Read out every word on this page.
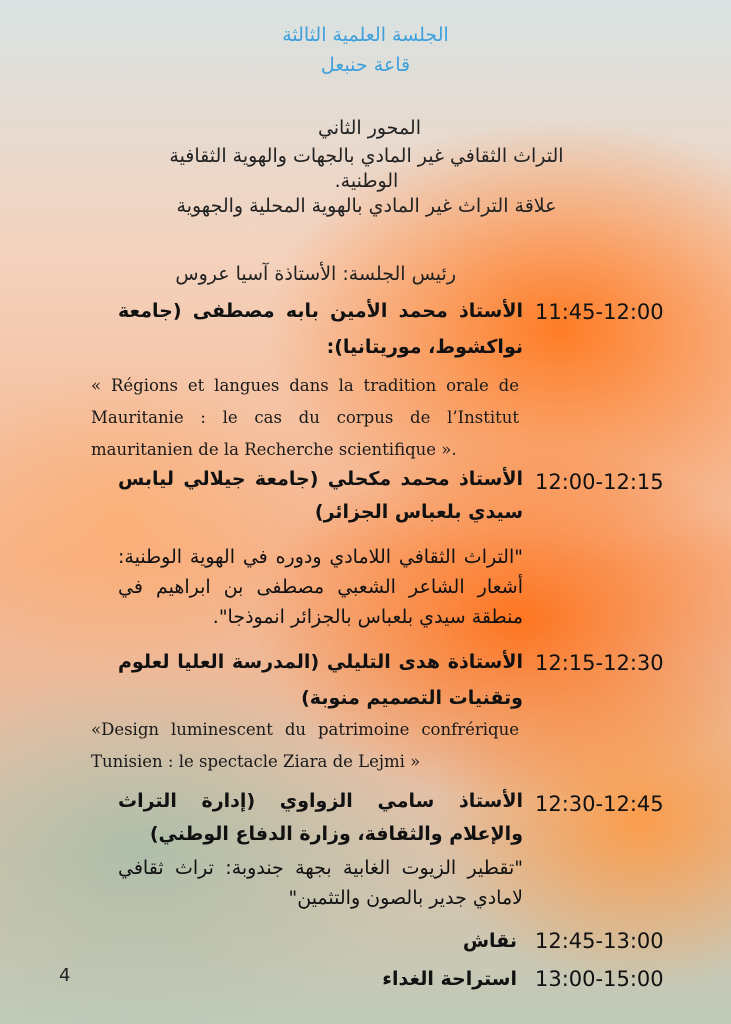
الجلسة العلمية الثالثة
قاعة حنبعل
المحور الثاني
التراث الثقافي غير المادي بالجهات والهوية الثقافية
الوطنية.
علاقة التراث غير المادي بالهوية المحلية والجهوية
رئيس الجلسة: الأستاذة آسيا عروس
11:45-12:00
الأستاذ محمد الأمين بابه مصطفى (جامعة نواكشوط، موريتانيا):
« Régions et langues dans la tradition orale de Mauritanie : le cas du corpus de l’Institut mauritanien de la Recherche scientifique ».
12:00-12:15
الأستاذ محمد مكحلي (جامعة جيلالي ليابس سيدي بلعباس الجزائر)
"التراث الثقافي اللامادي ودوره في الهوية الوطنية: أشعار الشاعر الشعبي مصطفى بن ابراهيم في منطقة سيدي بلعباس بالجزائر انموذجا".
12:15-12:30
الأستاذة هدى التليلي (المدرسة العليا لعلوم وتقنيات التصميم منوبة)
«Design luminescent du patrimoine confrérique Tunisien : le spectacle Ziara de Lejmi »
12:30-12:45
الأستاذ سامي الزواوي (إدارة التراث والإعلام والثقافة، وزارة الدفاع الوطني)
"تقطير الزيوت الغابية بجهة جندوبة: تراث ثقافي لامادي جدير بالصون والتثمين"
12:45-13:00
نقاش
13:00-15:00
استراحة الغداء
4
